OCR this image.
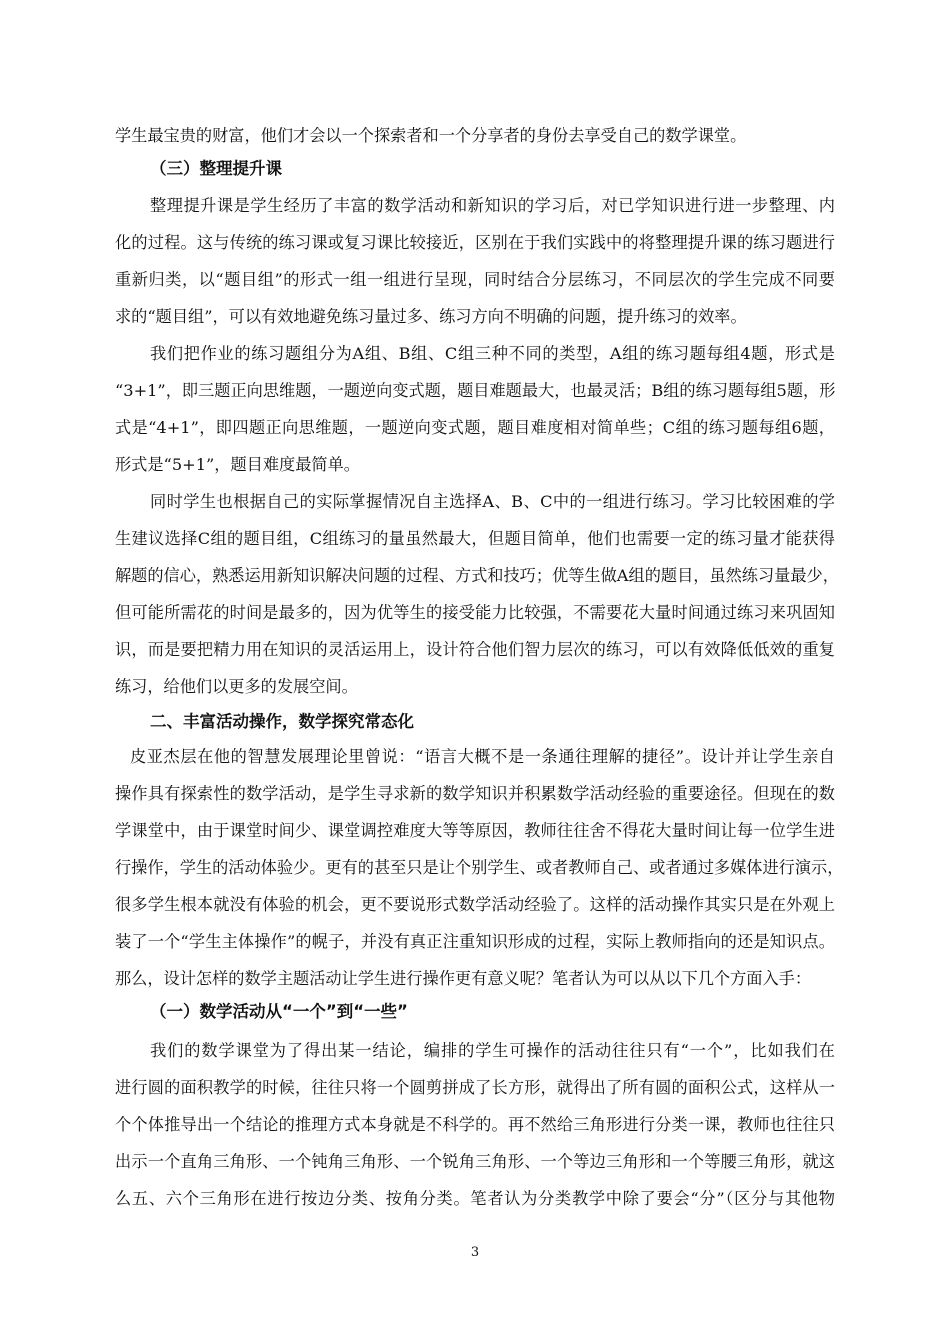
学生最宝贵的财富，他们才会以一个探索者和一个分享者的身份去享受自己的数学课堂。
（三）整理提升课
整理提升课是学生经历了丰富的数学活动和新知识的学习后，对已学知识进行进一步整理、内
化的过程。这与传统的练习课或复习课比较接近，区别在于我们实践中的将整理提升课的练习题进行
重新归类，以“题目组”的形式一组一组进行呈现，同时结合分层练习，不同层次的学生完成不同要
求的“题目组”，可以有效地避免练习量过多、练习方向不明确的问题，提升练习的效率。
我们把作业的练习题组分为A组、B组、C组三种不同的类型，A组的练习题每组4题，形式是
“3+1”，即三题正向思维题，一题逆向变式题，题目难题最大，也最灵活；B组的练习题每组5题，形
式是“4+1”，即四题正向思维题，一题逆向变式题，题目难度相对简单些；C组的练习题每组6题，
形式是“5+1”，题目难度最简单。
同时学生也根据自己的实际掌握情况自主选择A、B、C中的一组进行练习。学习比较困难的学
生建议选择C组的题目组，C组练习的量虽然最大，但题目简单，他们也需要一定的练习量才能获得
解题的信心，熟悉运用新知识解决问题的过程、方式和技巧；优等生做A组的题目，虽然练习量最少，
但可能所需花的时间是最多的，因为优等生的接受能力比较强，不需要花大量时间通过练习来巩固知
识，而是要把精力用在知识的灵活运用上，设计符合他们智力层次的练习，可以有效降低低效的重复
练习，给他们以更多的发展空间。
二、丰富活动操作，数学探究常态化
皮亚杰层在他的智慧发展理论里曾说：“语言大概不是一条通往理解的捷径”。设计并让学生亲自
操作具有探索性的数学活动，是学生寻求新的数学知识并积累数学活动经验的重要途径。但现在的数
学课堂中，由于课堂时间少、课堂调控难度大等等原因，教师往往舍不得花大量时间让每一位学生进
行操作，学生的活动体验少。更有的甚至只是让个别学生、或者教师自己、或者通过多媒体进行演示，
很多学生根本就没有体验的机会，更不要说形式数学活动经验了。这样的活动操作其实只是在外观上
装了一个“学生主体操作”的幌子，并没有真正注重知识形成的过程，实际上教师指向的还是知识点。
那么，设计怎样的数学主题活动让学生进行操作更有意义呢？笔者认为可以从以下几个方面入手：
（一）数学活动从“一个”到“一些”
我们的数学课堂为了得出某一结论，编排的学生可操作的活动往往只有“一个”，比如我们在
进行圆的面积教学的时候，往往只将一个圆剪拼成了长方形，就得出了所有圆的面积公式，这样从一
个个体推导出一个结论的推理方式本身就是不科学的。再不然给三角形进行分类一课，教师也往往只
出示一个直角三角形、一个钝角三角形、一个锐角三角形、一个等边三角形和一个等腰三角形，就这
么五、六个三角形在进行按边分类、按角分类。笔者认为分类教学中除了要会“分”（区分与其他物
3
